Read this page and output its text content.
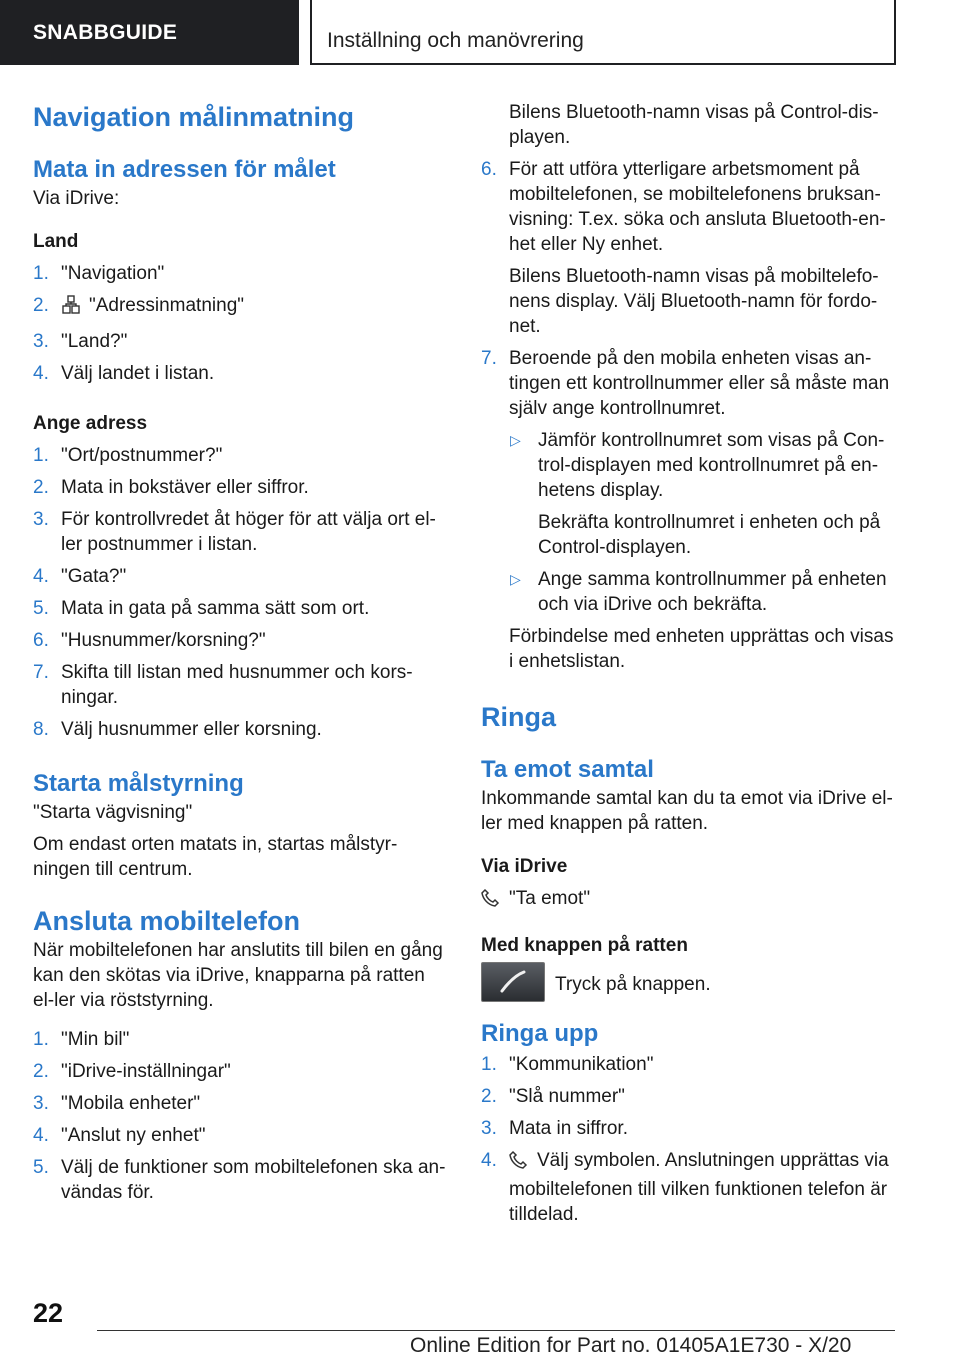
SNABBGUIDE	Inställning och manövrering
Navigation målinmatning
Mata in adressen för målet

Via iDrive:

Land

1. "Navigation"
2. "Adressinmatning"
3. "Land?"
4. Välj landet i listan.

Ange adress

1. "Ort/postnummer?"
2. Mata in bokstäver eller siffror.
3. För kontrollvredet åt höger för att välja ort el-ler postnummer i listan.
4. "Gata?"
5. Mata in gata på samma sätt som ort.
6. "Husnummer/korsning?"
7. Skifta till listan med husnummer och kors-ningar.
8. Välj husnummer eller korsning.
Starta målstyrning

"Starta vägvisning"

Om endast orten matats in, startas målstyr-ningen till centrum.

Ansluta mobiltelefon

När mobiltelefonen har anslutits till bilen en gång kan den skötas via iDrive, knapparna på ratten el-ler via röststyrning.

1. "Min bil"
2. "iDrive-inställningar"
3. "Mobila enheter"
4. "Anslut ny enhet"
5. Välj de funktioner som mobiltelefonen ska an-vändas för.

Bilens Bluetooth-namn visas på Control-dis-playen.

6. För att utföra ytterligare arbetsmoment på mobiltelefonen, se mobiltelefonens bruksan-visning: T.ex. söka och ansluta Bluetooth-en-het eller Ny enhet.

Bilens Bluetooth-namn visas på mobiltelefo-nens display. Välj Bluetooth-namn för fordo-net.

7. Beroende på den mobila enheten visas an-tingen ett kontrollnummer eller så måste man själv ange kontrollnumret.
▷ Jämför kontrollnumret som visas på Con-trol-displayen med kontrollnumret på en-hetens display.

Bekräfta kontrollnumret i enheten och på Control-displayen.

▷ Ange samma kontrollnummer på enheten och via iDrive och bekräfta.

Förbindelse med enheten upprättas och visas i enhetslistan.

Ringa
Ta emot samtal

Inkommande samtal kan du ta emot via iDrive el-ler med knappen på ratten.

Via iDrive

"Ta emot"

Med knappen på ratten

Tryck på knappen.

Ringa upp
1. "Kommunikation"
2. "Slå nummer"
3. Mata in siffror.
4. Välj symbolen. Anslutningen upprättas via mobiltelefonen till vilken funktionen telefon är tilldelad.
22
Online Edition for Part no. 01405A1E730 - X/20
